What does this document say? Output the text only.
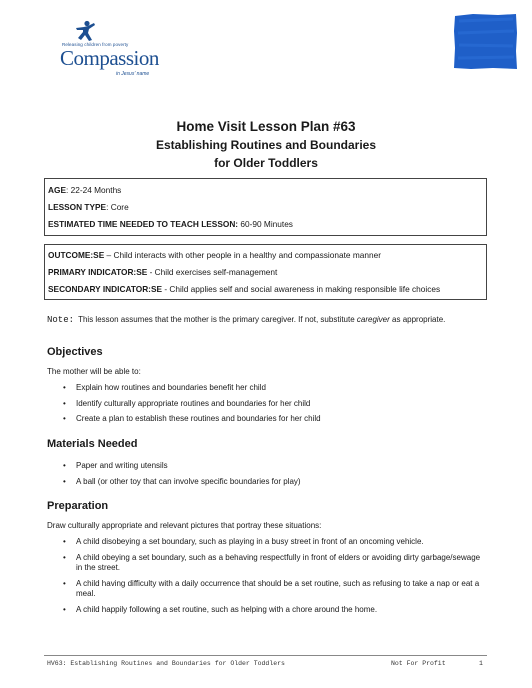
Releasing children from poverty
Compassion
in Jesus' name
Home Visit Lesson Plan #63
Establishing Routines and Boundaries
for Older Toddlers
AGE: 22-24 Months
LESSON TYPE: Core
ESTIMATED TIME NEEDED TO TEACH LESSON: 60-90 Minutes
OUTCOME:SE – Child interacts with other people in a healthy and compassionate manner
PRIMARY INDICATOR:SE - Child exercises self-management
SECONDARY INDICATOR:SE - Child applies self and social awareness in making responsible life choices
Note: This lesson assumes that the mother is the primary caregiver. If not, substitute caregiver as appropriate.
Objectives
The mother will be able to:
• Explain how routines and boundaries benefit her child
• Identify culturally appropriate routines and boundaries for her child
• Create a plan to establish these routines and boundaries for her child
Materials Needed
• Paper and writing utensils
• A ball (or other toy that can involve specific boundaries for play)
Preparation
Draw culturally appropriate and relevant pictures that portray these situations:
• A child disobeying a set boundary, such as playing in a busy street in front of an oncoming vehicle.
• A child obeying a set boundary, such as a behaving respectfully in front of elders or avoiding dirty garbage/sewage in the street.
• A child having difficulty with a daily occurrence that should be a set routine, such as refusing to take a nap or eat a meal.
• A child happily following a set routine, such as helping with a chore around the home.
HV63: Establishing Routines and Boundaries for Older Toddlers	Not For Profit	1
